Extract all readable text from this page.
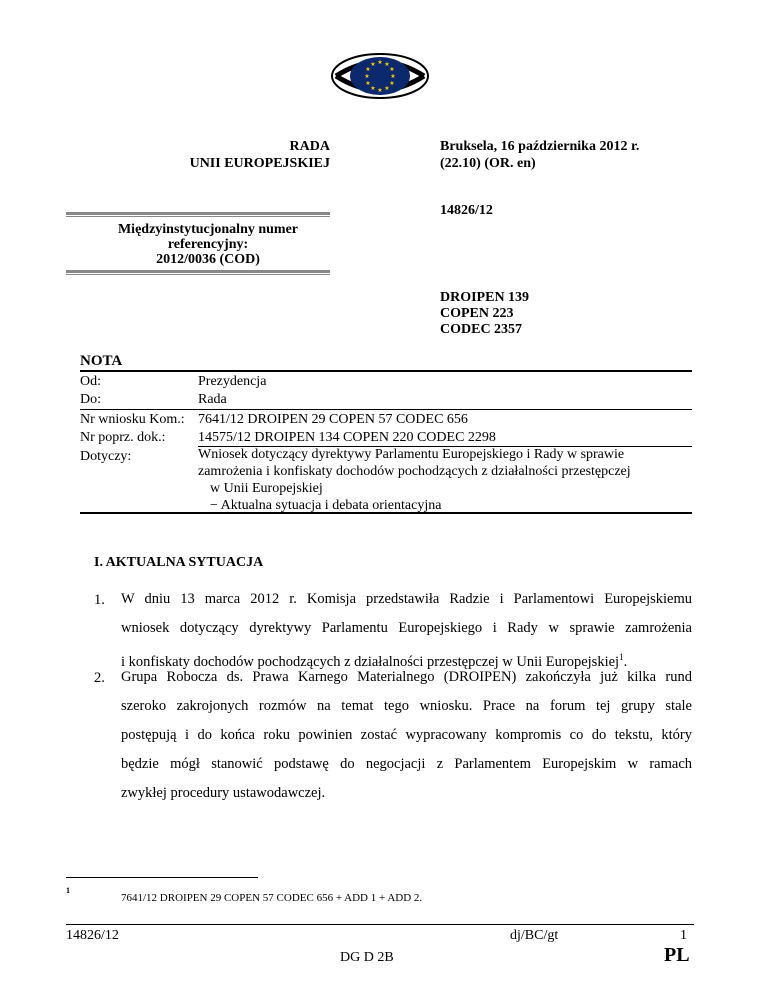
★ ★
★
★
★
★
★
★
★
★
★
★
RADA
UNII EUROPEJSKIEJ
Bruksela, 16 października 2012 r.
(22.10) (OR. en)
14826/12
Międzyinstytucjonalny numer
referencyjny:
2012/0036 (COD)
DROIPEN 139
COPEN 223
CODEC 2357
NOTA
Od:	Prezydencja
Do:	Rada
Nr wniosku Kom.: 7641/12 DROIPEN 29 COPEN 57 CODEC 656
Nr poprz. dok.: 14575/12 DROIPEN 134 COPEN 220 CODEC 2298
Dotyczy:	Wniosek dotyczący dyrektywy Parlamentu Europejskiego i Rady w sprawie
zamrożenia i konfiskaty dochodów pochodzących z działalności przestępczej
w Unii Europejskiej
− Aktualna sytuacja i debata orientacyjna
I. AKTUALNA SYTUACJA
1. W dniu 13 marca 2012 r. Komisja przedstawiła Radzie i Parlamentowi Europejskiemu
wniosek dotyczący dyrektywy Parlamentu Europejskiego i Rady w sprawie zamrożenia
i konfiskaty dochodów pochodzących z działalności przestępczej w Unii Europejskiej$^1$.
2. Grupa Robocza ds. Prawa Karnego Materialnego (DROIPEN) zakończyła już kilka rund
szeroko zakrojonych rozmów na temat tego wniosku. Prace na forum tej grupy stale
postępują i do końca roku powinien zostać wypracowany kompromis co do tekstu, który
będzie mógł stanowić podstawę do negocjacji z Parlamentem Europejskim w ramach
zwykłej procedury ustawodawczej.
1
7641/12 DROIPEN 29 COPEN 57 CODEC 656 + ADD 1 + ADD 2.
14826/12	dj/BC/gt	1
DG D 2B	PL
